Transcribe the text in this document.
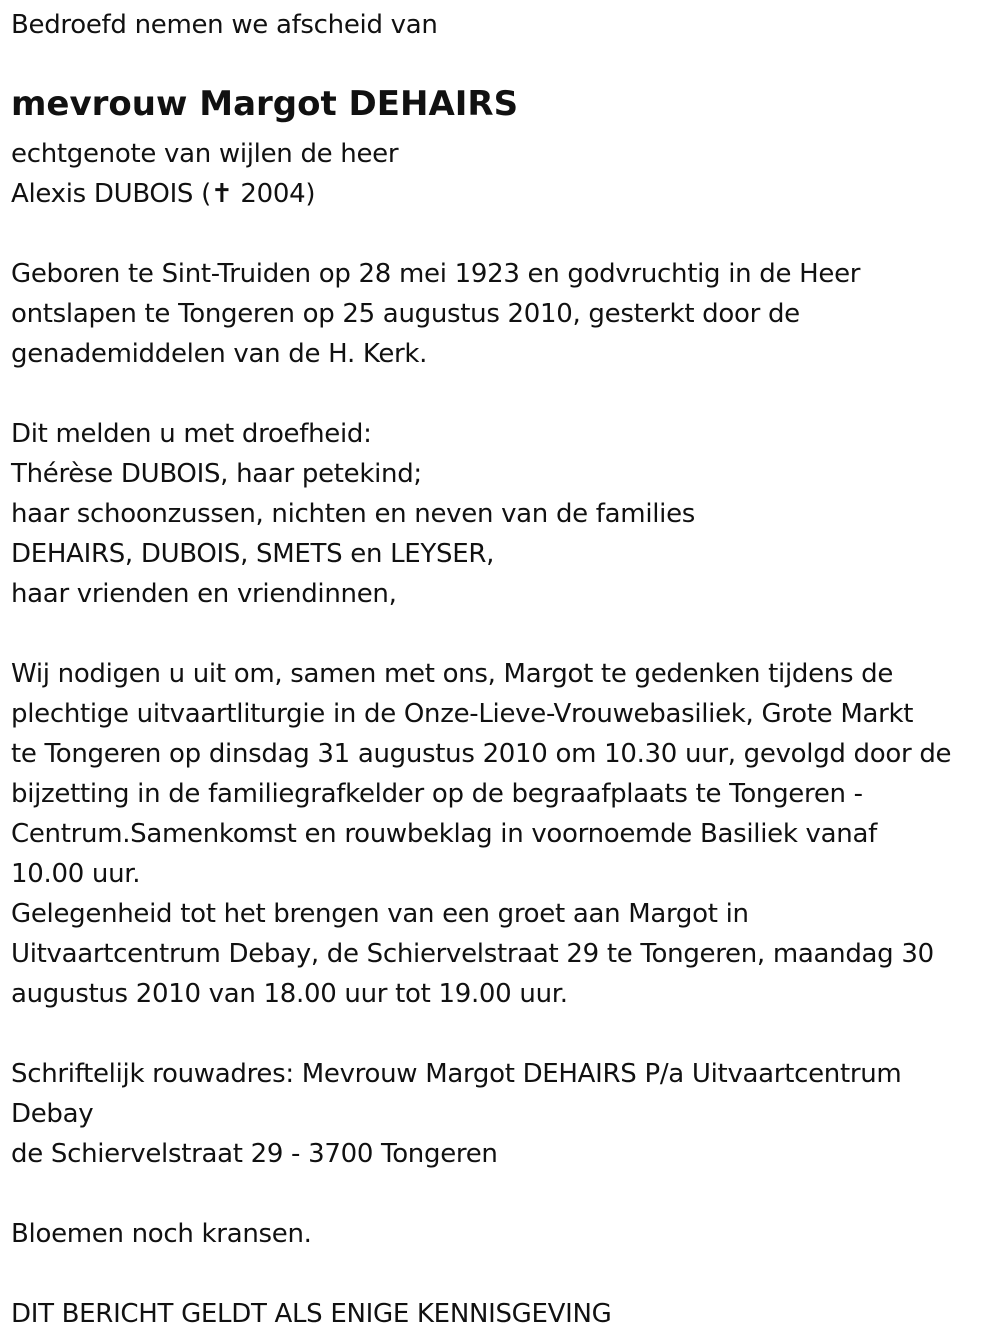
Bedroefd nemen we afscheid van
mevrouw Margot DEHAIRS
echtgenote van wijlen de heer
Alexis DUBOIS (✝ 2004)
Geboren te Sint-Truiden op 28 mei 1923 en godvruchtig in de Heer
ontslapen te Tongeren op 25 augustus 2010, gesterkt door de
genademiddelen van de H. Kerk.
Dit melden u met droefheid:
Thérèse DUBOIS, haar petekind;
haar schoonzussen, nichten en neven van de families
DEHAIRS, DUBOIS, SMETS en LEYSER,
haar vrienden en vriendinnen,
Wij nodigen u uit om, samen met ons, Margot te gedenken tijdens de
plechtige uitvaartliturgie in de Onze-Lieve-Vrouwebasiliek, Grote Markt
te Tongeren op dinsdag 31 augustus 2010 om 10.30 uur, gevolgd door de
bijzetting in de familiegrafkelder op de begraafplaats te Tongeren -
Centrum.Samenkomst en rouwbeklag in voornoemde Basiliek vanaf
10.00 uur.
Gelegenheid tot het brengen van een groet aan Margot in
Uitvaartcentrum Debay, de Schiervelstraat 29 te Tongeren, maandag 30
augustus 2010 van 18.00 uur tot 19.00 uur.
Schriftelijk rouwadres: Mevrouw Margot DEHAIRS P/a Uitvaartcentrum
Debay
de Schiervelstraat 29 - 3700 Tongeren
Bloemen noch kransen.
DIT BERICHT GELDT ALS ENIGE KENNISGEVING
